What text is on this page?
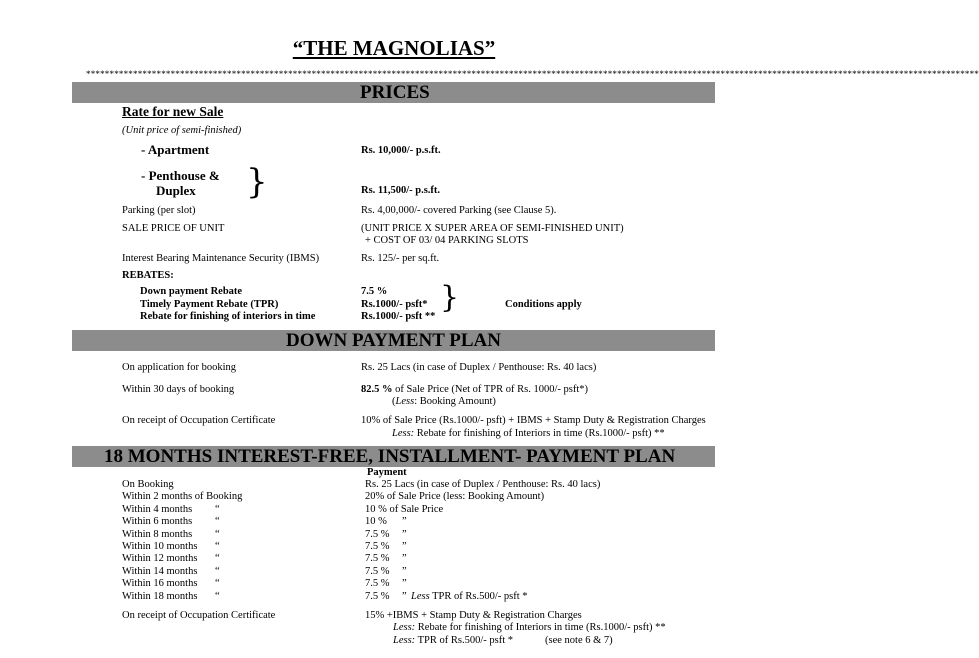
“THE MAGNOLIAS”
**********************************************************************************************************************************************************************************************
PRICES
Rate for new Sale
(Unit price of semi-finished)
- Apartment	Rs. 10,000/- p.s.ft.
- Penthouse &
Duplex }	Rs. 11,500/- p.s.ft.
Parking (per slot)	Rs. 4,00,000/- covered Parking (see Clause 5).
SALE PRICE OF UNIT	(UNIT PRICE X SUPER AREA OF SEMI-FINISHED UNIT)
+ COST OF 03/ 04 PARKING SLOTS
Interest Bearing Maintenance Security (IBMS)	Rs. 125/- per sq.ft.
REBATES:
Down payment Rebate	7.5 %
Timely Payment Rebate (TPR)	Rs.1000/- psft*
Rebate for finishing of interiors in time	Rs.1000/- psft **
}	Conditions apply
DOWN PAYMENT PLAN
On application for booking	Rs. 25 Lacs (in case of Duplex / Penthouse: Rs. 40 lacs)
Within 30 days of booking	82.5 % of Sale Price (Net of TPR of Rs. 1000/- psft*)
(Less: Booking Amount)
On receipt of Occupation Certificate	10% of Sale Price (Rs.1000/- psft) + IBMS + Stamp Duty & Registration Charges
Less: Rebate for finishing of Interiors in time (Rs.1000/- psft) **
18 MONTHS INTEREST-FREE, INSTALLMENT- PAYMENT PLAN
Payment
On Booking	Rs. 25 Lacs (in case of Duplex / Penthouse: Rs. 40 lacs)
Within 2 months of Booking	20% of Sale Price (less: Booking Amount)
Within 4 months “	10 % of Sale Price
Within 6 months “	10 % ”
Within 8 months “	7.5 % ”
Within 10 months “	7.5 % ”
Within 12 months “	7.5 % ”
Within 14 months “	7.5 % ”
Within 16 months “	7.5 % ”
Within 18 months “	7.5 % ” Less TPR of Rs.500/- psft *
On receipt of Occupation Certificate	15% +IBMS + Stamp Duty & Registration Charges
Less: Rebate for finishing of Interiors in time (Rs.1000/- psft) **
Less: TPR of Rs.500/- psft *	(see note 6 & 7)
